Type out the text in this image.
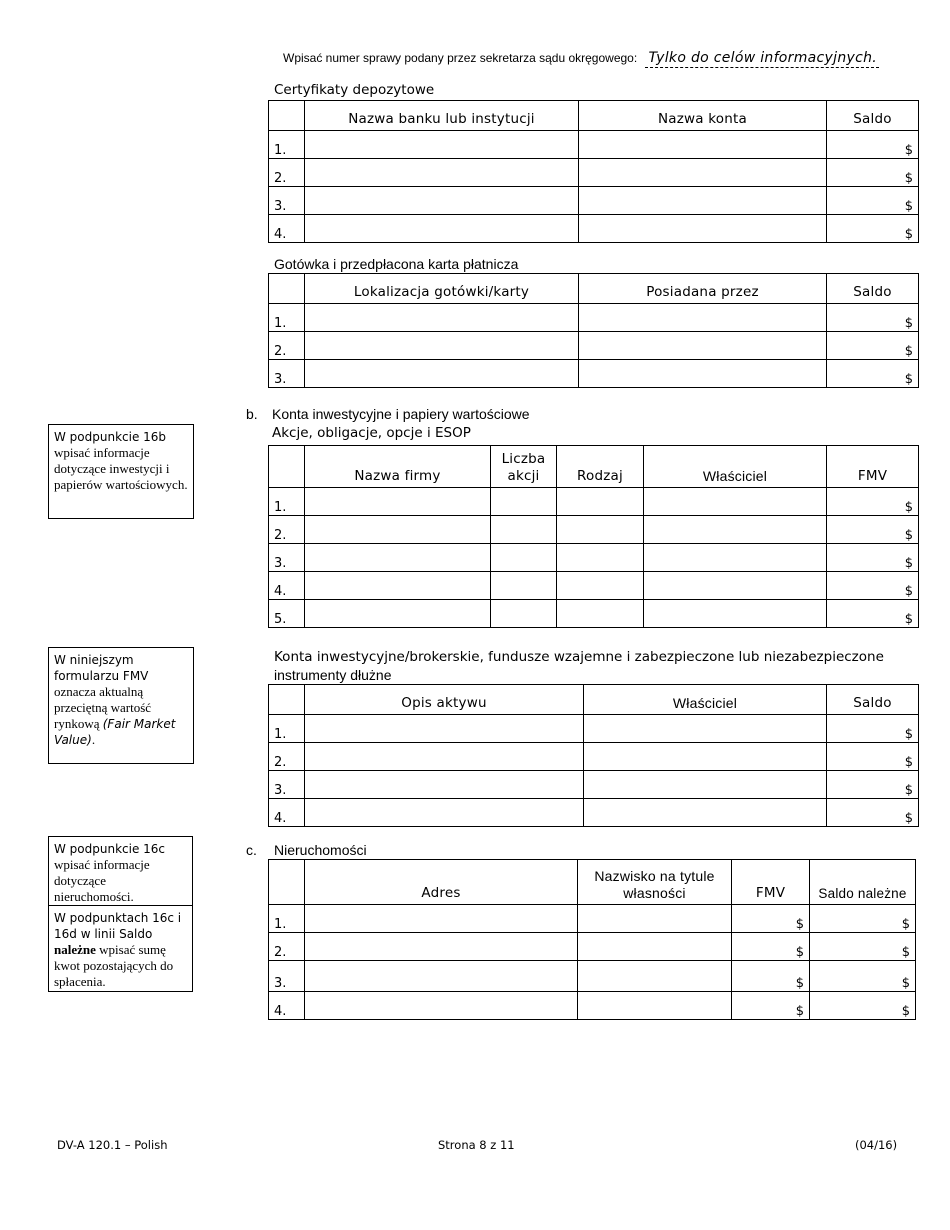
Wpisać numer sprawy podany przez sekretarza sądu okręgowego: Tylko do celów informacyjnych.
Certyfikaty depozytowe
	Nazwa banku lub instytucji	Nazwa konta	Saldo
1.			$
2.			$
3.			$
4.			$
Gotówka i przedpłacona karta płatnicza
	Lokalizacja gotówki/karty	Posiadana przez	Saldo
1.			$
2.			$
3.			$
b. Konta inwestycyjne i papiery wartościowe
Akcje, obligacje, opcje i ESOP
	Nazwa firmy	Liczba akcji	Rodzaj	Właściciel	FMV
1.					$
2.					$
3.					$
4.					$
5.					$
Konta inwestycyjne/brokerskie, fundusze wzajemne i zabezpieczone lub niezabezpieczone
instrumenty dłużne
	Opis aktywu	Właściciel	Saldo
1.			$
2.			$
3.			$
4.			$
c. Nieruchomości
	Adres	Nazwisko na tytule własności	FMV	Saldo należne
1.			$	$
2.			$	$
3.			$	$
4.			$	$
W podpunkcie 16b wpisać informacje dotyczące inwestycji i papierów wartościowych.
W niniejszym formularzu FMV oznacza aktualną przeciętną wartość rynkową (Fair Market Value).
W podpunkcie 16c wpisać informacje dotyczące nieruchomości.
W podpunktach 16c i 16d w linii Saldo należne wpisać sumę kwot pozostających do spłacenia.
DV-A 120.1 – Polish	Strona 8 z 11	(04/16)
